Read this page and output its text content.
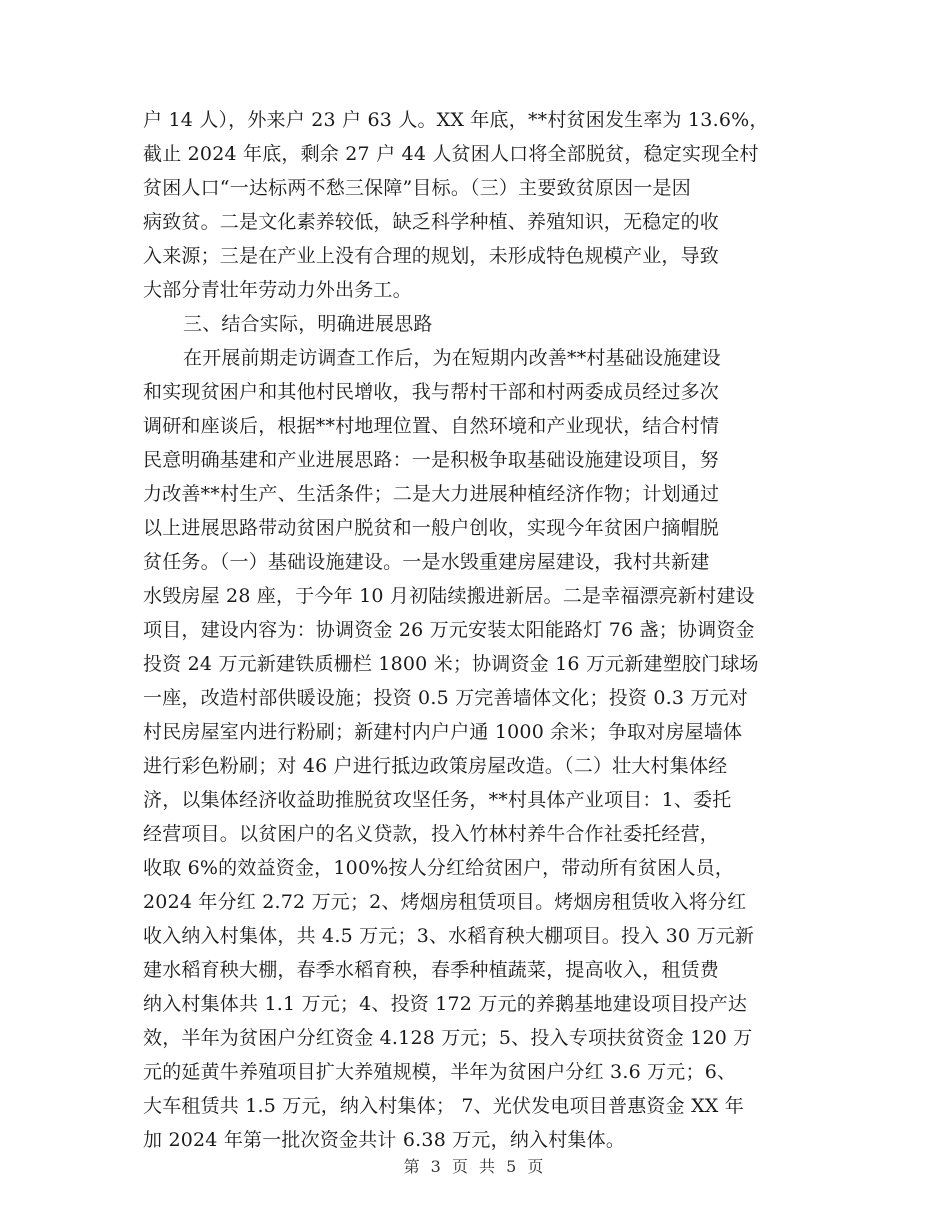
户 14 人），外来户 23 户 63 人。XX 年底，**村贫困发生率为 13.6%，
截止 2024 年底，剩余 27 户 44 人贫困人口将全部脱贫，稳定实现全村
贫困人口“一达标两不愁三保障”目标。（三）主要致贫原因一是因
病致贫。二是文化素养较低，缺乏科学种植、养殖知识，无稳定的收
入来源；三是在产业上没有合理的规划，未形成特色规模产业，导致
大部分青壮年劳动力外出务工。
三、结合实际，明确进展思路
在开展前期走访调查工作后，为在短期内改善**村基础设施建设
和实现贫困户和其他村民增收，我与帮村干部和村两委成员经过多次
调研和座谈后，根据**村地理位置、自然环境和产业现状，结合村情
民意明确基建和产业进展思路：一是积极争取基础设施建设项目，努
力改善**村生产、生活条件；二是大力进展种植经济作物；计划通过
以上进展思路带动贫困户脱贫和一般户创收，实现今年贫困户摘帽脱
贫任务。（一）基础设施建设。一是水毁重建房屋建设，我村共新建
水毁房屋 28 座，于今年 10 月初陆续搬进新居。二是幸福漂亮新村建设
项目，建设内容为：协调资金 26 万元安装太阳能路灯 76 盏；协调资金
投资 24 万元新建铁质栅栏 1800 米；协调资金 16 万元新建塑胶门球场
一座，改造村部供暖设施；投资 0.5 万完善墙体文化；投资 0.3 万元对
村民房屋室内进行粉刷；新建村内户户通 1000 余米；争取对房屋墙体
进行彩色粉刷；对 46 户进行抵边政策房屋改造。（二）壮大村集体经
济，以集体经济收益助推脱贫攻坚任务，**村具体产业项目：1、委托
经营项目。以贫困户的名义贷款，投入竹林村养牛合作社委托经营，
收取 6%的效益资金，100%按人分红给贫困户，带动所有贫困人员，
2024 年分红 2.72 万元；2、烤烟房租赁项目。烤烟房租赁收入将分红
收入纳入村集体，共 4.5 万元；3、水稻育秧大棚项目。投入 30 万元新
建水稻育秧大棚，春季水稻育秧，春季种植蔬菜，提高收入，租赁费
纳入村集体共 1.1 万元；4、投资 172 万元的养鹅基地建设项目投产达
效，半年为贫困户分红资金 4.128 万元；5、投入专项扶贫资金 120 万
元的延黄牛养殖项目扩大养殖规模，半年为贫困户分红 3.6 万元；6、
大车租赁共 1.5 万元，纳入村集体； 7、光伏发电项目普惠资金 XX 年
加 2024 年第一批次资金共计 6.38 万元，纳入村集体。
第 3 页 共 5 页
